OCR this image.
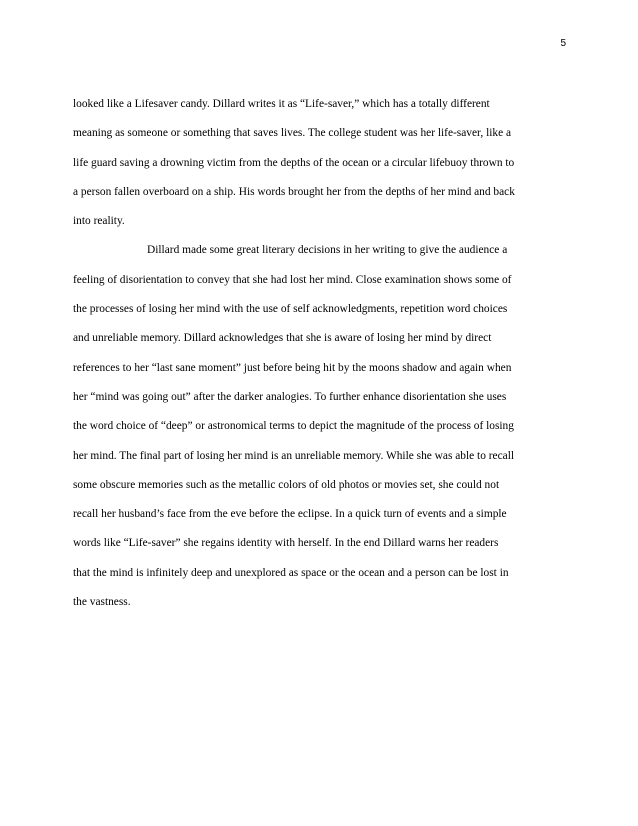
5
looked like a Lifesaver candy. Dillard writes it as “Life-saver,” which has a totally different
meaning as someone or something that saves lives. The college student was her life-saver, like a
life guard saving a drowning victim from the depths of the ocean or a circular lifebuoy thrown to
a person fallen overboard on a ship. His words brought her from the depths of her mind and back
into reality.
Dillard made some great literary decisions in her writing to give the audience a
feeling of disorientation to convey that she had lost her mind. Close examination shows some of
the processes of losing her mind with the use of self acknowledgments, repetition word choices
and unreliable memory. Dillard acknowledges that she is aware of losing her mind by direct
references to her “last sane moment” just before being hit by the moons shadow and again when
her “mind was going out” after the darker analogies. To further enhance disorientation she uses
the word choice of “deep” or astronomical terms to depict the magnitude of the process of losing
her mind. The final part of losing her mind is an unreliable memory. While she was able to recall
some obscure memories such as the metallic colors of old photos or movies set, she could not
recall her husband’s face from the eve before the eclipse. In a quick turn of events and a simple
words like “Life-saver” she regains identity with herself. In the end Dillard warns her readers
that the mind is infinitely deep and unexplored as space or the ocean and a person can be lost in
the vastness.
